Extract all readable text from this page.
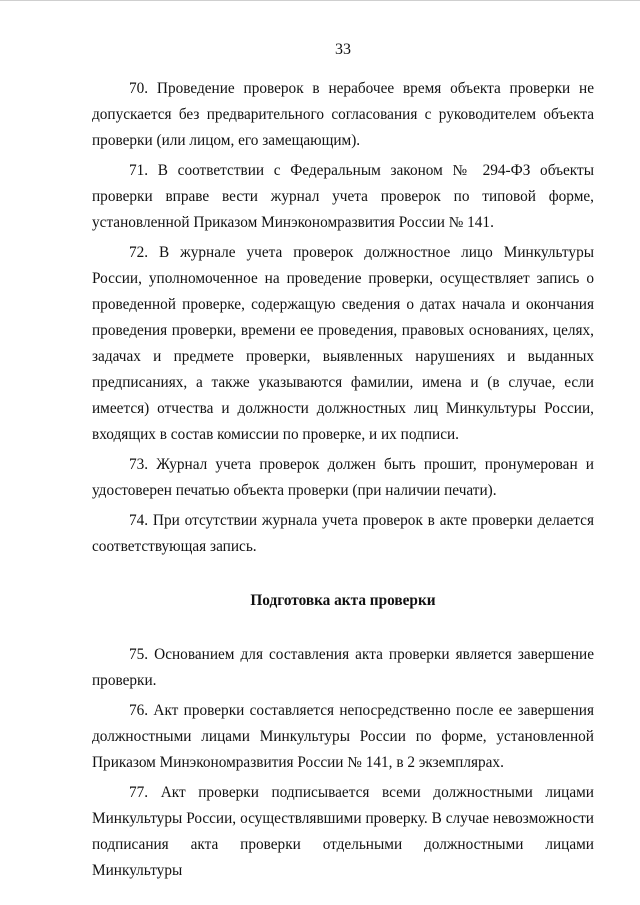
33

70. Проведение проверок в нерабочее время объекта проверки не допускается без предварительного согласования с руководителем объекта проверки (или лицом, его замещающим).

71. В соответствии с Федеральным законом № 294-ФЗ объекты проверки вправе вести журнал учета проверок по типовой форме, установленной Приказом Минэкономразвития России № 141.

72. В журнале учета проверок должностное лицо Минкультуры России, уполномоченное на проведение проверки, осуществляет запись о проведенной проверке, содержащую сведения о датах начала и окончания проведения проверки, времени ее проведения, правовых основаниях, целях, задачах и предмете проверки, выявленных нарушениях и выданных предписаниях, а также указываются фамилии, имена и (в случае, если имеется) отчества и должности должностных лиц Минкультуры России, входящих в состав комиссии по проверке, и их подписи.

73. Журнал учета проверок должен быть прошит, пронумерован и удостоверен печатью объекта проверки (при наличии печати).

74. При отсутствии журнала учета проверок в акте проверки делается соответствующая запись.

Подготовка акта проверки

75. Основанием для составления акта проверки является завершение проверки.

76. Акт проверки составляется непосредственно после ее завершения должностными лицами Минкультуры России по форме, установленной Приказом Минэкономразвития России № 141, в 2 экземплярах.

77. Акт проверки подписывается всеми должностными лицами Минкультуры России, осуществлявшими проверку. В случае невозможности подписания акта проверки отдельными должностными лицами Минкультуры
